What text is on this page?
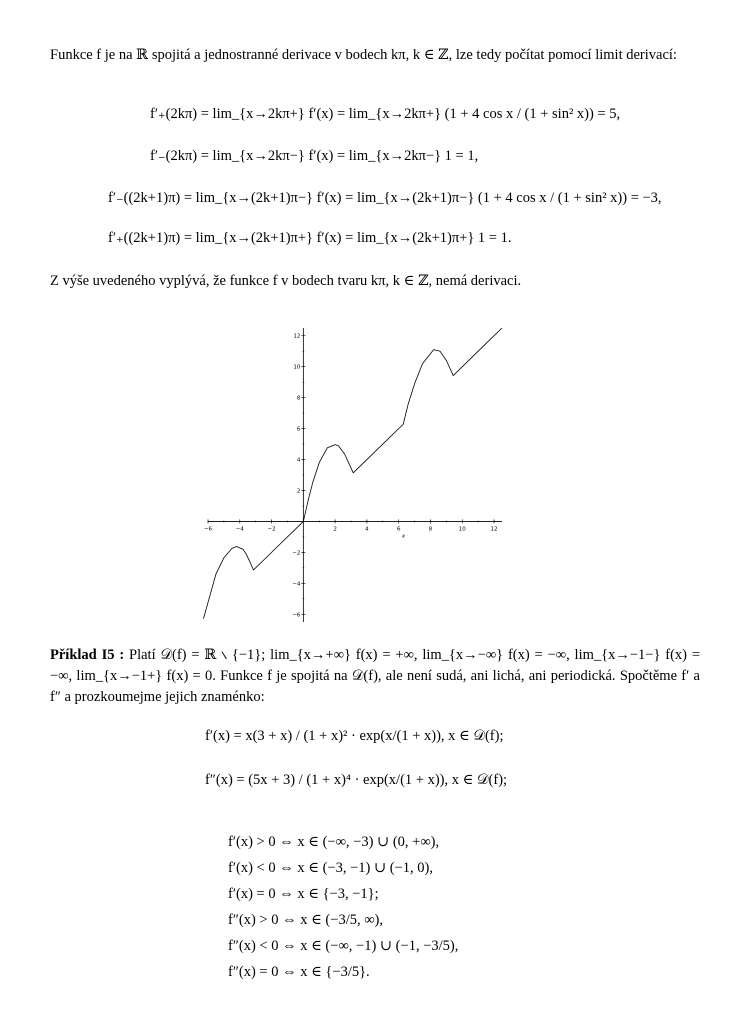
Funkce f je na ℝ spojitá a jednostranné derivace v bodech kπ, k ∈ ℤ, lze tedy počítat pomocí limit derivací:
f′₊(2kπ) = lim_{x→2kπ+} f′(x) = lim_{x→2kπ+} (1 + 4 cos x / (1 + sin² x)) = 5,
f′₋(2kπ) = lim_{x→2kπ−} f′(x) = lim_{x→2kπ−} 1 = 1,
f′₋((2k+1)π) = lim_{x→(2k+1)π−} f′(x) = lim_{x→(2k+1)π−} (1 + 4 cos x / (1 + sin² x)) = −3,
f′₊((2k+1)π) = lim_{x→(2k+1)π+} f′(x) = lim_{x→(2k+1)π+} 1 = 1.
Z výše uvedeného vyplývá, že funkce f v bodech tvaru kπ, k ∈ ℤ, nemá derivaci.
−6	−4	−2	2	4	6	8	10	12
−6
−4
−2
2
4
6
8
10
12
x
Příklad I5 : Platí 𝒟(f) = ℝ ∖ {−1}; lim_{x→+∞} f(x) = +∞, lim_{x→−∞} f(x) = −∞, lim_{x→−1−} f(x) = −∞, lim_{x→−1+} f(x) = 0. Funkce f je spojitá na 𝒟(f), ale není sudá, ani lichá, ani periodická. Spočtěme f′ a f″ a prozkoumejme jejich znaménko:
f′(x) = x(3 + x) / (1 + x)² · exp(x/(1 + x)), x ∈ 𝒟(f);
f″(x) = (5x + 3) / (1 + x)⁴ · exp(x/(1 + x)), x ∈ 𝒟(f);
f′(x) > 0 ⇔ x ∈ (−∞, −3) ∪ (0, +∞),
f′(x) < 0 ⇔ x ∈ (−3, −1) ∪ (−1, 0),
f′(x) = 0 ⇔ x ∈ {−3, −1};
f″(x) > 0 ⇔ x ∈ (−3/5, ∞),
f″(x) < 0 ⇔ x ∈ (−∞, −1) ∪ (−1, −3/5),
f″(x) = 0 ⇔ x ∈ {−3/5}.
